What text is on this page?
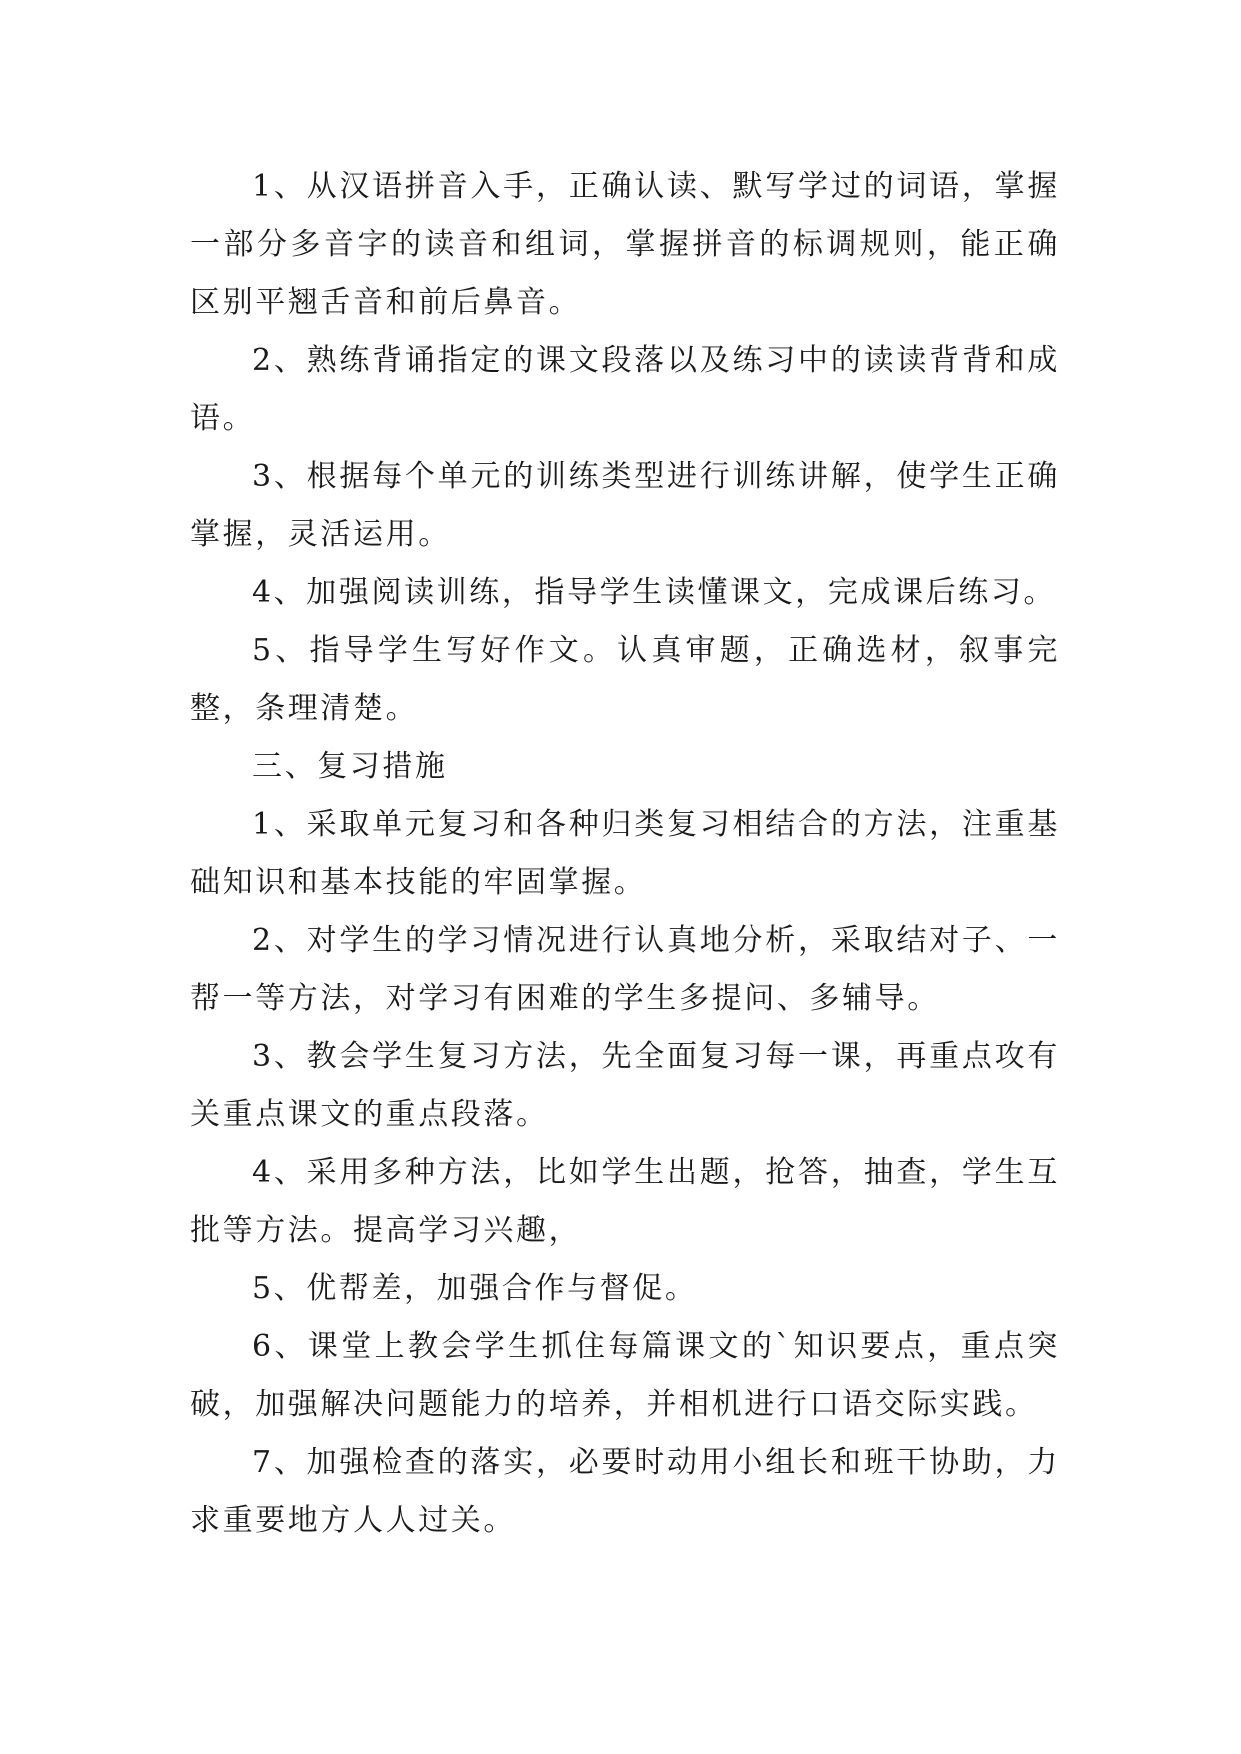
1、从汉语拼音入手，正确认读、默写学过的词语，掌握一部分多音字的读音和组词，掌握拼音的标调规则，能正确区别平翘舌音和前后鼻音。

2、熟练背诵指定的课文段落以及练习中的读读背背和成语。

3、根据每个单元的训练类型进行训练讲解，使学生正确掌握，灵活运用。

4、加强阅读训练，指导学生读懂课文，完成课后练习。

5、指导学生写好作文。认真审题，正确选材，叙事完整，条理清楚。

三、复习措施

1、采取单元复习和各种归类复习相结合的方法，注重基础知识和基本技能的牢固掌握。

2、对学生的学习情况进行认真地分析，采取结对子、一帮一等方法，对学习有困难的学生多提问、多辅导。

3、教会学生复习方法，先全面复习每一课，再重点攻有关重点课文的重点段落。

4、采用多种方法，比如学生出题，抢答，抽查，学生互批等方法。提高学习兴趣，

5、优帮差，加强合作与督促。

6、课堂上教会学生抓住每篇课文的`知识要点，重点突破，加强解决问题能力的培养，并相机进行口语交际实践。

7、加强检查的落实，必要时动用小组长和班干协助，力求重要地方人人过关。
